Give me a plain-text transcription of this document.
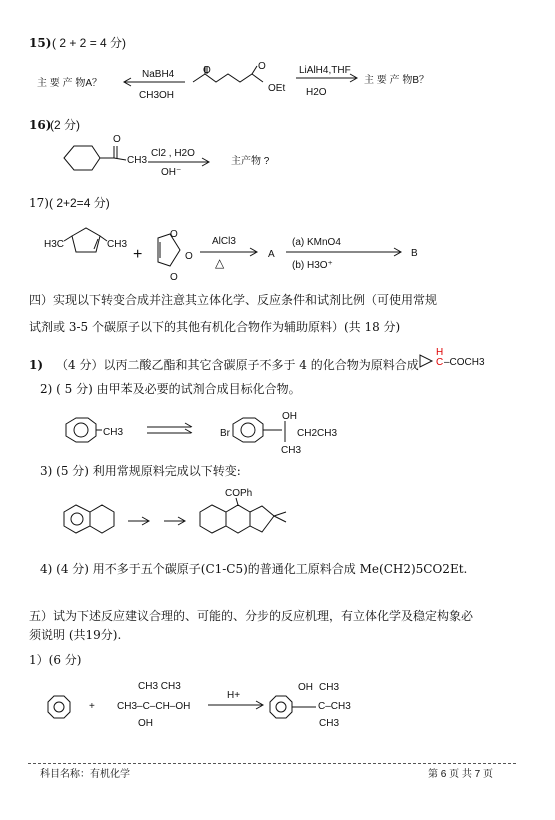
15) ( 2 + 2 = 4 分)
NaBH4
CH3OH
主 要 产 物A？
O	O
OEt
LiAlH4,THF
H2O
主 要 产 物B？
16)
(2 分)
O
CH3
Cl2 , H2O
OH⁻
主产物 ?
17) ( 2+2=4 分)
H3C	CH3
+
O
O
O
AlCl3
△
A
(a) KMnO4
(b) H3O⁺
B
四）实现以下转变合成并注意其立体化学、反应条件和试剂比例（可使用常规
试剂或 3-5 个碳原子以下的其他有机化合物作为辅助原料）(共 18 分)
1) （4 分）以丙二酸乙酯和其它含碳原子不多于 4 的化合物为原料合成
H
C –COCH3
2) ( 5 分) 由甲苯及必要的试剂合成目标化合物。
CH3	Br
OH
CH2CH3
CH3
3) (5 分) 利用常规原料完成以下转变:
COPh
4) (4 分) 用不多于五个碳原子(C1-C5)的普通化工原料合成 Me(CH2)5CO2Et.
五）试为下述反应建议合理的、可能的、分步的反应机理，有立体化学及稳定构象必
须说明 (共19分).
1）(6 分)
+
CH3 CH3
CH3–C–CH–OH
OH
H+
OH CH3
C–CH3
CH3
科目名称：有机化学	第 6 页 共 7 页
